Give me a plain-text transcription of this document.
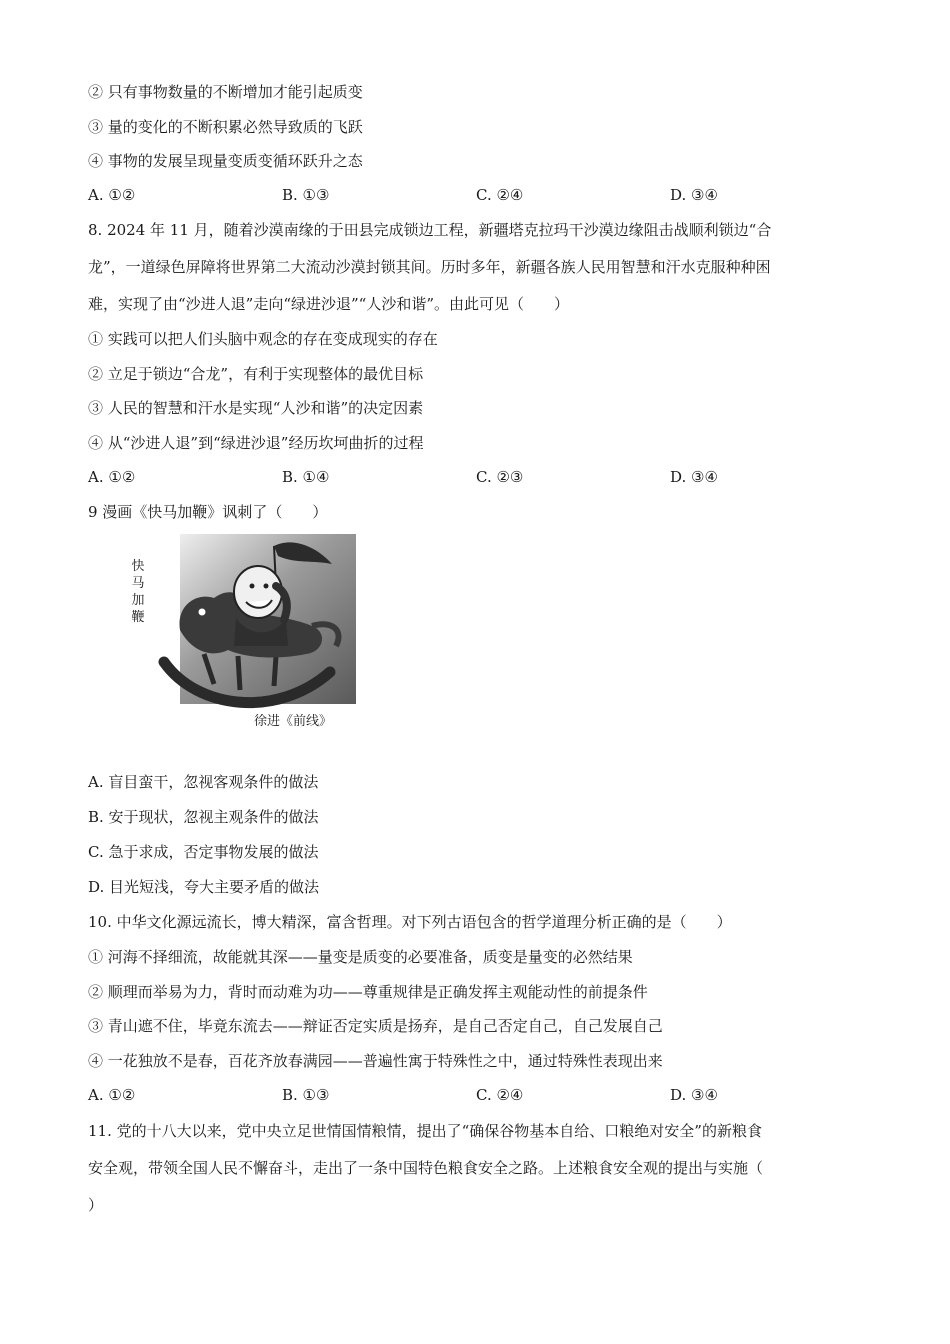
② 只有事物数量的不断增加才能引起质变
③ 量的变化的不断积累必然导致质的飞跃
④ 事物的发展呈现量变质变循环跃升之态
A. ①②	B. ①③	C. ②④	D. ③④
8. 2024 年 11 月，随着沙漠南缘的于田县完成锁边工程，新疆塔克拉玛干沙漠边缘阻击战顺利锁边“合
龙”，一道绿色屏障将世界第二大流动沙漠封锁其间。历时多年，新疆各族人民用智慧和汗水克服种种困
难，实现了由“沙进人退”走向“绿进沙退”“人沙和谐”。由此可见（　　）
① 实践可以把人们头脑中观念的存在变成现实的存在
② 立足于锁边“合龙”，有利于实现整体的最优目标
③ 人民的智慧和汗水是实现“人沙和谐”的决定因素
④ 从“沙进人退”到“绿进沙退”经历坎坷曲折的过程
A. ①②	B. ①④	C. ②③	D. ③④
9 漫画《快马加鞭》讽刺了（　　）
快
马
加
鞭
徐进《前线》
A. 盲目蛮干，忽视客观条件的做法
B. 安于现状，忽视主观条件的做法
C. 急于求成，否定事物发展的做法
D. 目光短浅，夸大主要矛盾的做法
10. 中华文化源远流长，博大精深，富含哲理。对下列古语包含的哲学道理分析正确的是（　　）
① 河海不择细流，故能就其深——量变是质变的必要准备，质变是量变的必然结果
② 顺理而举易为力，背时而动难为功——尊重规律是正确发挥主观能动性的前提条件
③ 青山遮不住，毕竟东流去——辩证否定实质是扬弃，是自己否定自己，自己发展自己
④ 一花独放不是春，百花齐放春满园——普遍性寓于特殊性之中，通过特殊性表现出来
A. ①②	B. ①③	C. ②④	D. ③④
11. 党的十八大以来，党中央立足世情国情粮情，提出了“确保谷物基本自给、口粮绝对安全”的新粮食
安全观，带领全国人民不懈奋斗，走出了一条中国特色粮食安全之路。上述粮食安全观的提出与实施（
）
